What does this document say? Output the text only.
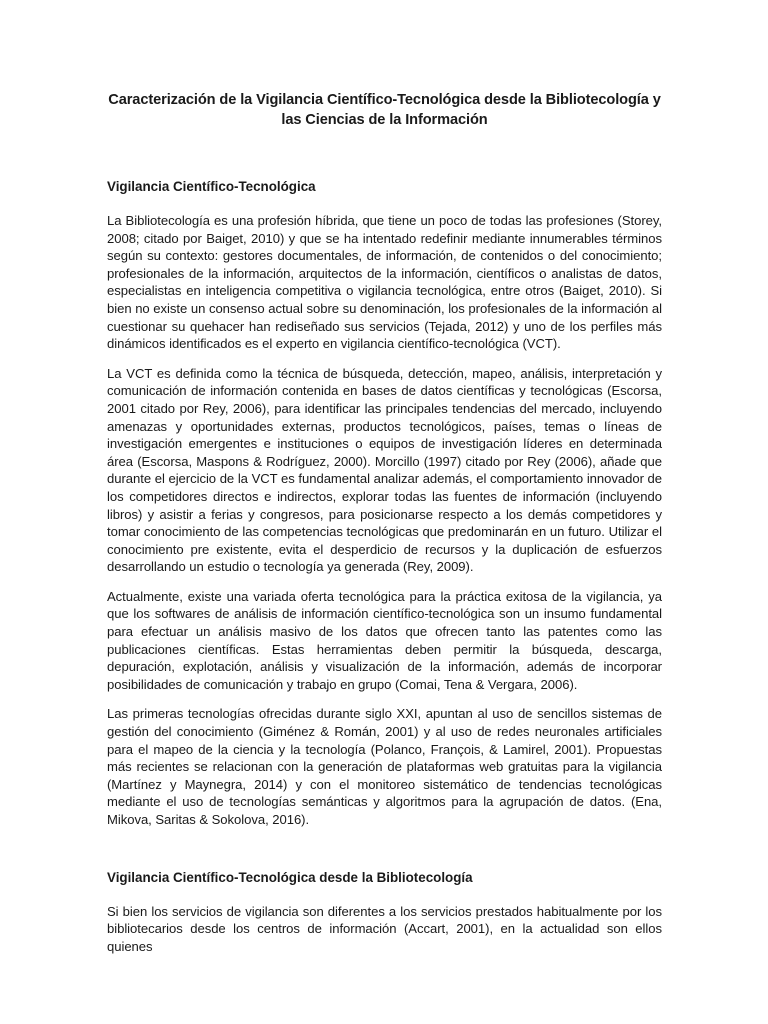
Caracterización de la Vigilancia Científico-Tecnológica desde la Bibliotecología y las Ciencias de la Información
Vigilancia Científico-Tecnológica

La Bibliotecología es una profesión híbrida, que tiene un poco de todas las profesiones (Storey, 2008; citado por Baiget, 2010) y que se ha intentado redefinir mediante innumerables términos según su contexto: gestores documentales, de información, de contenidos o del conocimiento; profesionales de la información, arquitectos de la información, científicos o analistas de datos, especialistas en inteligencia competitiva o vigilancia tecnológica, entre otros (Baiget, 2010). Si bien no existe un consenso actual sobre su denominación, los profesionales de la información al cuestionar su quehacer han rediseñado sus servicios (Tejada, 2012) y uno de los perfiles más dinámicos identificados es el experto en vigilancia científico-tecnológica (VCT).

La VCT es definida como la técnica de búsqueda, detección, mapeo, análisis, interpretación y comunicación de información contenida en bases de datos científicas y tecnológicas (Escorsa, 2001 citado por Rey, 2006), para identificar las principales tendencias del mercado, incluyendo amenazas y oportunidades externas, productos tecnológicos, países, temas o líneas de investigación emergentes e instituciones o equipos de investigación líderes en determinada área (Escorsa, Maspons & Rodríguez, 2000). Morcillo (1997) citado por Rey (2006), añade que durante el ejercicio de la VCT es fundamental analizar además, el comportamiento innovador de los competidores directos e indirectos, explorar todas las fuentes de información (incluyendo libros) y asistir a ferias y congresos, para posicionarse respecto a los demás competidores y tomar conocimiento de las competencias tecnológicas que predominarán en un futuro. Utilizar el conocimiento pre existente, evita el desperdicio de recursos y la duplicación de esfuerzos desarrollando un estudio o tecnología ya generada (Rey, 2009).

Actualmente, existe una variada oferta tecnológica para la práctica exitosa de la vigilancia, ya que los softwares de análisis de información científico-tecnológica son un insumo fundamental para efectuar un análisis masivo de los datos que ofrecen tanto las patentes como las publicaciones científicas. Estas herramientas deben permitir la búsqueda, descarga, depuración, explotación, análisis y visualización de la información, además de incorporar posibilidades de comunicación y trabajo en grupo (Comai, Tena & Vergara, 2006).

Las primeras tecnologías ofrecidas durante siglo XXI, apuntan al uso de sencillos sistemas de gestión del conocimiento (Giménez & Román, 2001) y al uso de redes neuronales artificiales para el mapeo de la ciencia y la tecnología (Polanco, François, & Lamirel, 2001). Propuestas más recientes se relacionan con la generación de plataformas web gratuitas para la vigilancia (Martínez y Maynegra, 2014) y con el monitoreo sistemático de tendencias tecnológicas mediante el uso de tecnologías semánticas y algoritmos para la agrupación de datos. (Ena, Mikova, Saritas & Sokolova, 2016).

Vigilancia Científico-Tecnológica desde la Bibliotecología

Si bien los servicios de vigilancia son diferentes a los servicios prestados habitualmente por los bibliotecarios desde los centros de información (Accart, 2001), en la actualidad son ellos quienes
